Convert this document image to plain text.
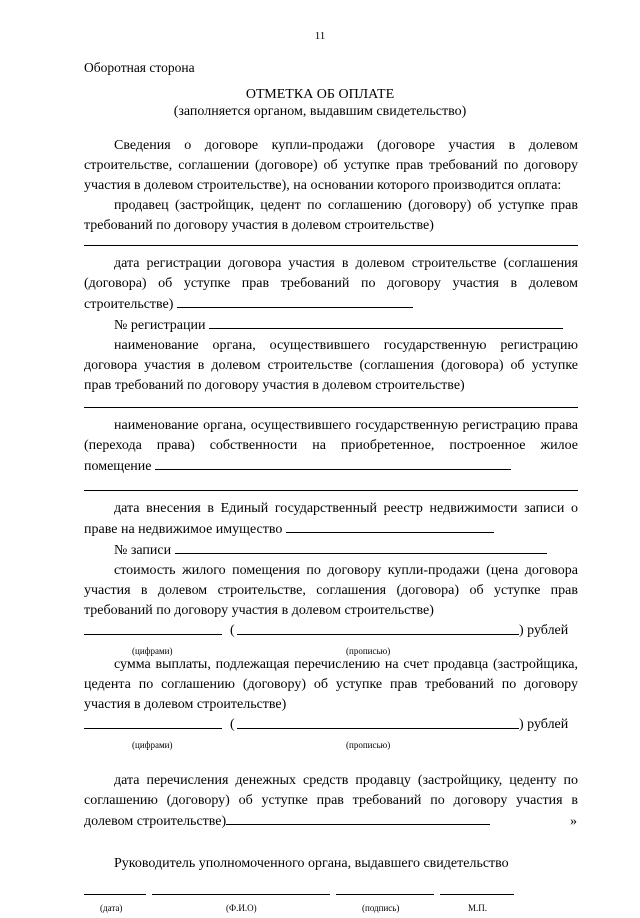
11
Оборотная сторона
ОТМЕТКА ОБ ОПЛАТЕ
(заполняется органом, выдавшим свидетельство)

Сведения о договоре купли-продажи (договоре участия в долевом строительстве, соглашении (договоре) об уступке прав требований по договору участия в долевом строительстве), на основании которого производится оплата:

продавец (застройщик, цедент по соглашению (договору) об уступке прав требований по договору участия в долевом строительстве)

дата регистрации договора участия в долевом строительстве (соглашения (договора) об уступке прав требований по договору участия в долевом строительстве)

№ регистрации

наименование органа, осуществившего государственную регистрацию договора участия в долевом строительстве (соглашения (договора) об уступке прав требований по договору участия в долевом строительстве)

наименование органа, осуществившего государственную регистрацию права (перехода права) собственности на приобретенное, построенное жилое помещение

дата внесения в Единый государственный реестр недвижимости записи о праве на недвижимое имущество

№ записи

стоимость жилого помещения по договору купли-продажи (цена договора участия в долевом строительстве, соглашения (договора) об уступке прав требований по договору участия в долевом строительстве)

(	) рублей
(цифрами)	(прописью)

сумма выплаты, подлежащая перечислению на счет продавца (застройщика, цедента по соглашению (договору) об уступке прав требований по договору участия в долевом строительстве)

(	) рублей
(цифрами)	(прописью)

дата перечисления денежных средств продавцу (застройщику, цеденту по соглашению (договору) об уступке прав требований по договору участия в долевом строительстве)

Руководитель уполномоченного органа, выдавшего свидетельство

(дата)	(Ф.И.О)	(подпись)	М.П.
»
